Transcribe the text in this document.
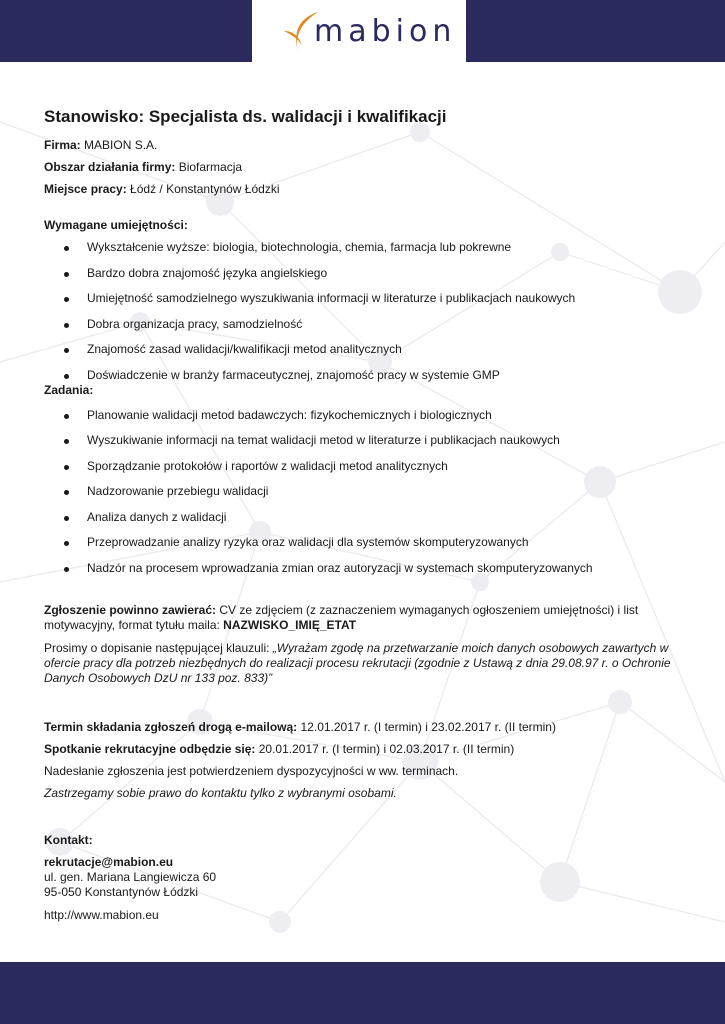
mabion
Stanowisko: Specjalista ds. walidacji i kwalifikacji
Firma: MABION S.A.
Obszar działania firmy: Biofarmacja
Miejsce pracy: Łódź / Konstantynów Łódzki
Wymagane umiejętności:
Wykształcenie wyższe: biologia, biotechnologia, chemia, farmacja lub pokrewne
Bardzo dobra znajomość języka angielskiego
Umiejętność samodzielnego wyszukiwania informacji w literaturze i publikacjach naukowych
Dobra organizacja pracy, samodzielność
Znajomość zasad walidacji/kwalifikacji metod analitycznych
Doświadczenie w branży farmaceutycznej, znajomość pracy w systemie GMP
Zadania:
Planowanie walidacji metod badawczych: fizykochemicznych i biologicznych
Wyszukiwanie informacji na temat walidacji metod w literaturze i publikacjach naukowych
Sporządzanie protokołów i raportów z walidacji metod analitycznych
Nadzorowanie przebiegu walidacji
Analiza danych z walidacji
Przeprowadzanie analizy ryzyka oraz walidacji dla systemów skomputeryzowanych
Nadzór na procesem wprowadzania zmian oraz autoryzacji w systemach skomputeryzowanych

Zgłoszenie powinno zawierać: CV ze zdjęciem (z zaznaczeniem wymaganych ogłoszeniem umiejętności) i list motywacyjny, format tytułu maila: NAZWISKO_IMIĘ_ETAT

Prosimy o dopisanie następującej klauzuli: „Wyrażam zgodę na przetwarzanie moich danych osobowych zawartych w ofercie pracy dla potrzeb niezbędnych do realizacji procesu rekrutacji (zgodnie z Ustawą z dnia 29.08.97 r. o Ochronie Danych Osobowych DzU nr 133 poz. 833)”

Termin składania zgłoszeń drogą e-mailową: 12.01.2017 r. (I termin) i 23.02.2017 r. (II termin)

Spotkanie rekrutacyjne odbędzie się: 20.01.2017 r. (I termin) i 02.03.2017 r. (II termin)

Nadesłanie zgłoszenia jest potwierdzeniem dyspozycyjności w ww. terminach.

Zastrzegamy sobie prawo do kontaktu tylko z wybranymi osobami.

Kontakt:

rekrutacje@mabion.eu

ul. gen. Mariana Langiewicza 60

95-050 Konstantynów Łódzki

http://www.mabion.eu
